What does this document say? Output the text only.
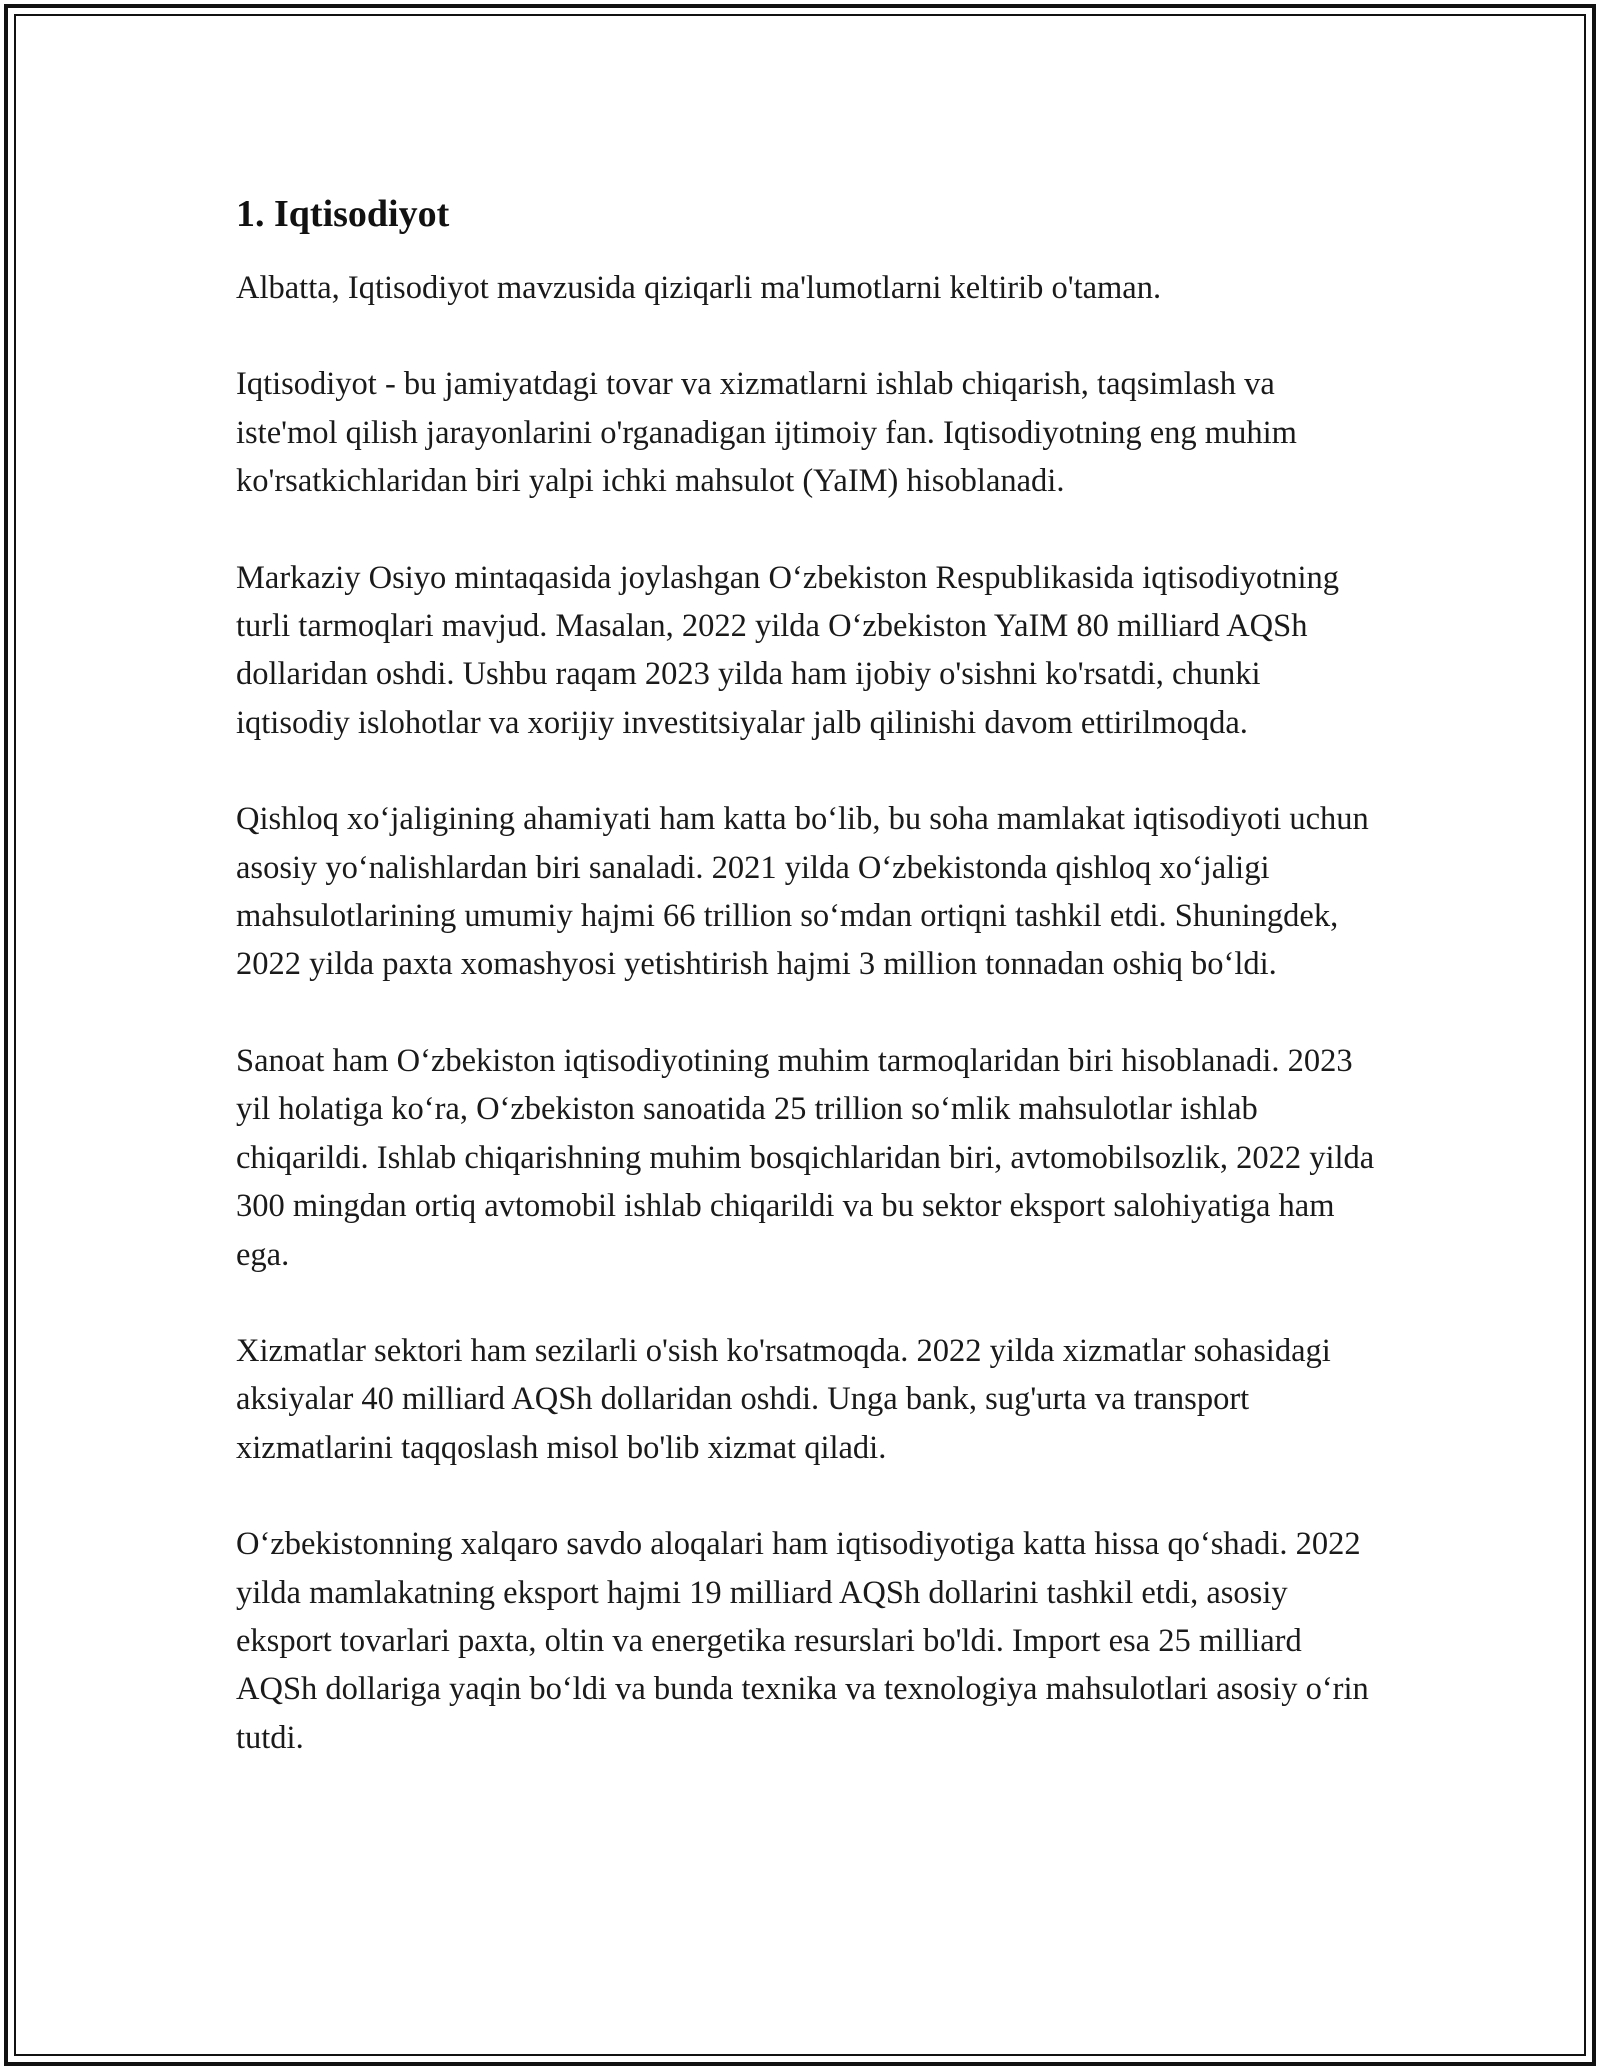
1. Iqtisodiyot

Albatta, Iqtisodiyot mavzusida qiziqarli ma'lumotlarni keltirib o'taman.

Iqtisodiyot - bu jamiyatdagi tovar va xizmatlarni ishlab chiqarish, taqsimlash va iste'mol qilish jarayonlarini o'rganadigan ijtimoiy fan. Iqtisodiyotning eng muhim ko'rsatkichlaridan biri yalpi ichki mahsulot (YaIM) hisoblanadi.

Markaziy Osiyo mintaqasida joylashgan O‘zbekiston Respublikasida iqtisodiyotning turli tarmoqlari mavjud. Masalan, 2022 yilda O‘zbekiston YaIM 80 milliard AQSh dollaridan oshdi. Ushbu raqam 2023 yilda ham ijobiy o'sishni ko'rsatdi, chunki iqtisodiy islohotlar va xorijiy investitsiyalar jalb qilinishi davom ettirilmoqda.

Qishloq xo‘jaligining ahamiyati ham katta bo‘lib, bu soha mamlakat iqtisodiyoti uchun asosiy yo‘nalishlardan biri sanaladi. 2021 yilda O‘zbekistonda qishloq xo‘jaligi mahsulotlarining umumiy hajmi 66 trillion so‘mdan ortiqni tashkil etdi. Shuningdek, 2022 yilda paxta xomashyosi yetishtirish hajmi 3 million tonnadan oshiq bo‘ldi.

Sanoat ham O‘zbekiston iqtisodiyotining muhim tarmoqlaridan biri hisoblanadi. 2023 yil holatiga ko‘ra, O‘zbekiston sanoatida 25 trillion so‘mlik mahsulotlar ishlab chiqarildi. Ishlab chiqarishning muhim bosqichlaridan biri, avtomobilsozlik, 2022 yilda 300 mingdan ortiq avtomobil ishlab chiqarildi va bu sektor eksport salohiyatiga ham ega.

Xizmatlar sektori ham sezilarli o'sish ko'rsatmoqda. 2022 yilda xizmatlar sohasidagi aksiyalar 40 milliard AQSh dollaridan oshdi. Unga bank, sug'urta va transport xizmatlarini taqqoslash misol bo'lib xizmat qiladi.

O‘zbekistonning xalqaro savdo aloqalari ham iqtisodiyotiga katta hissa qo‘shadi. 2022 yilda mamlakatning eksport hajmi 19 milliard AQSh dollarini tashkil etdi, asosiy eksport tovarlari paxta, oltin va energetika resurslari bo'ldi. Import esa 25 milliard AQSh dollariga yaqin bo‘ldi va bunda texnika va texnologiya mahsulotlari asosiy o‘rin tutdi.
